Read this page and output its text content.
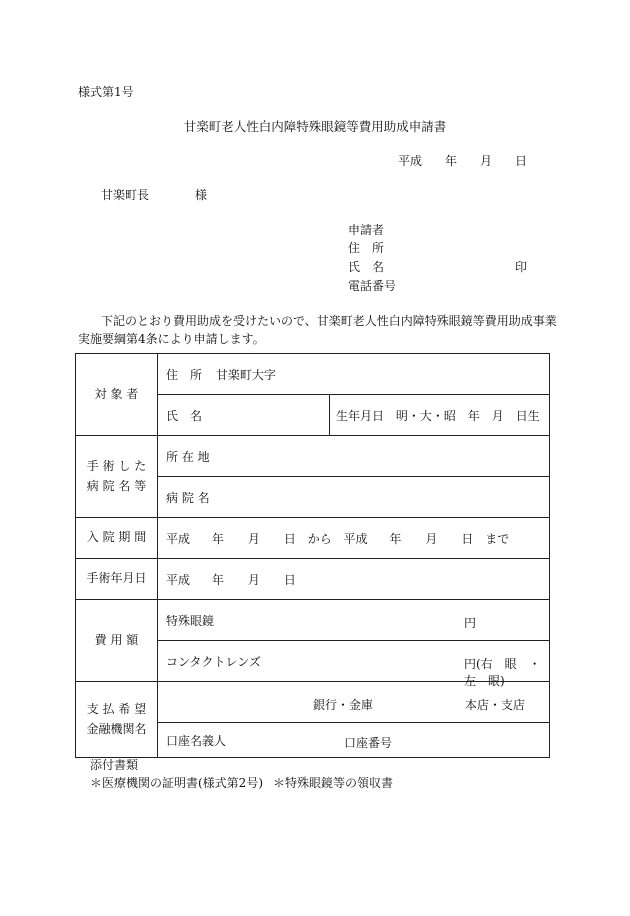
様式第1号
甘楽町老人性白内障特殊眼鏡等費用助成申請書
平成 年 月 日
甘楽町長	様
申請者
住　所
氏　名	印
電話番号
下記のとおり費用助成を受けたいので、甘楽町老人性白内障特殊眼鏡等費用助成事業
実施要綱第4条により申請します。
対 象 者	住　所 甘楽町大字	
	氏　名	生年月日 明・大・昭 年　月　日生

手 術 し た
病 院 名 等	所 在 地	
	病 院 名	

入 院 期 間	平成 年　　月　　日 から 平成 年　　月　　日 まで	

手術年月日	平成 年　　月　　日	

費 用 額	特殊眼鏡 円	

	コンタクトレンズ 円(右　眼　・　左　眼)	

支 払 希 望
金融機関名	銀行・金庫 本店・支店	

	口座名義人 口座番号	
添付書類
＊医療機関の証明書(様式第2号) ＊特殊眼鏡等の領収書
